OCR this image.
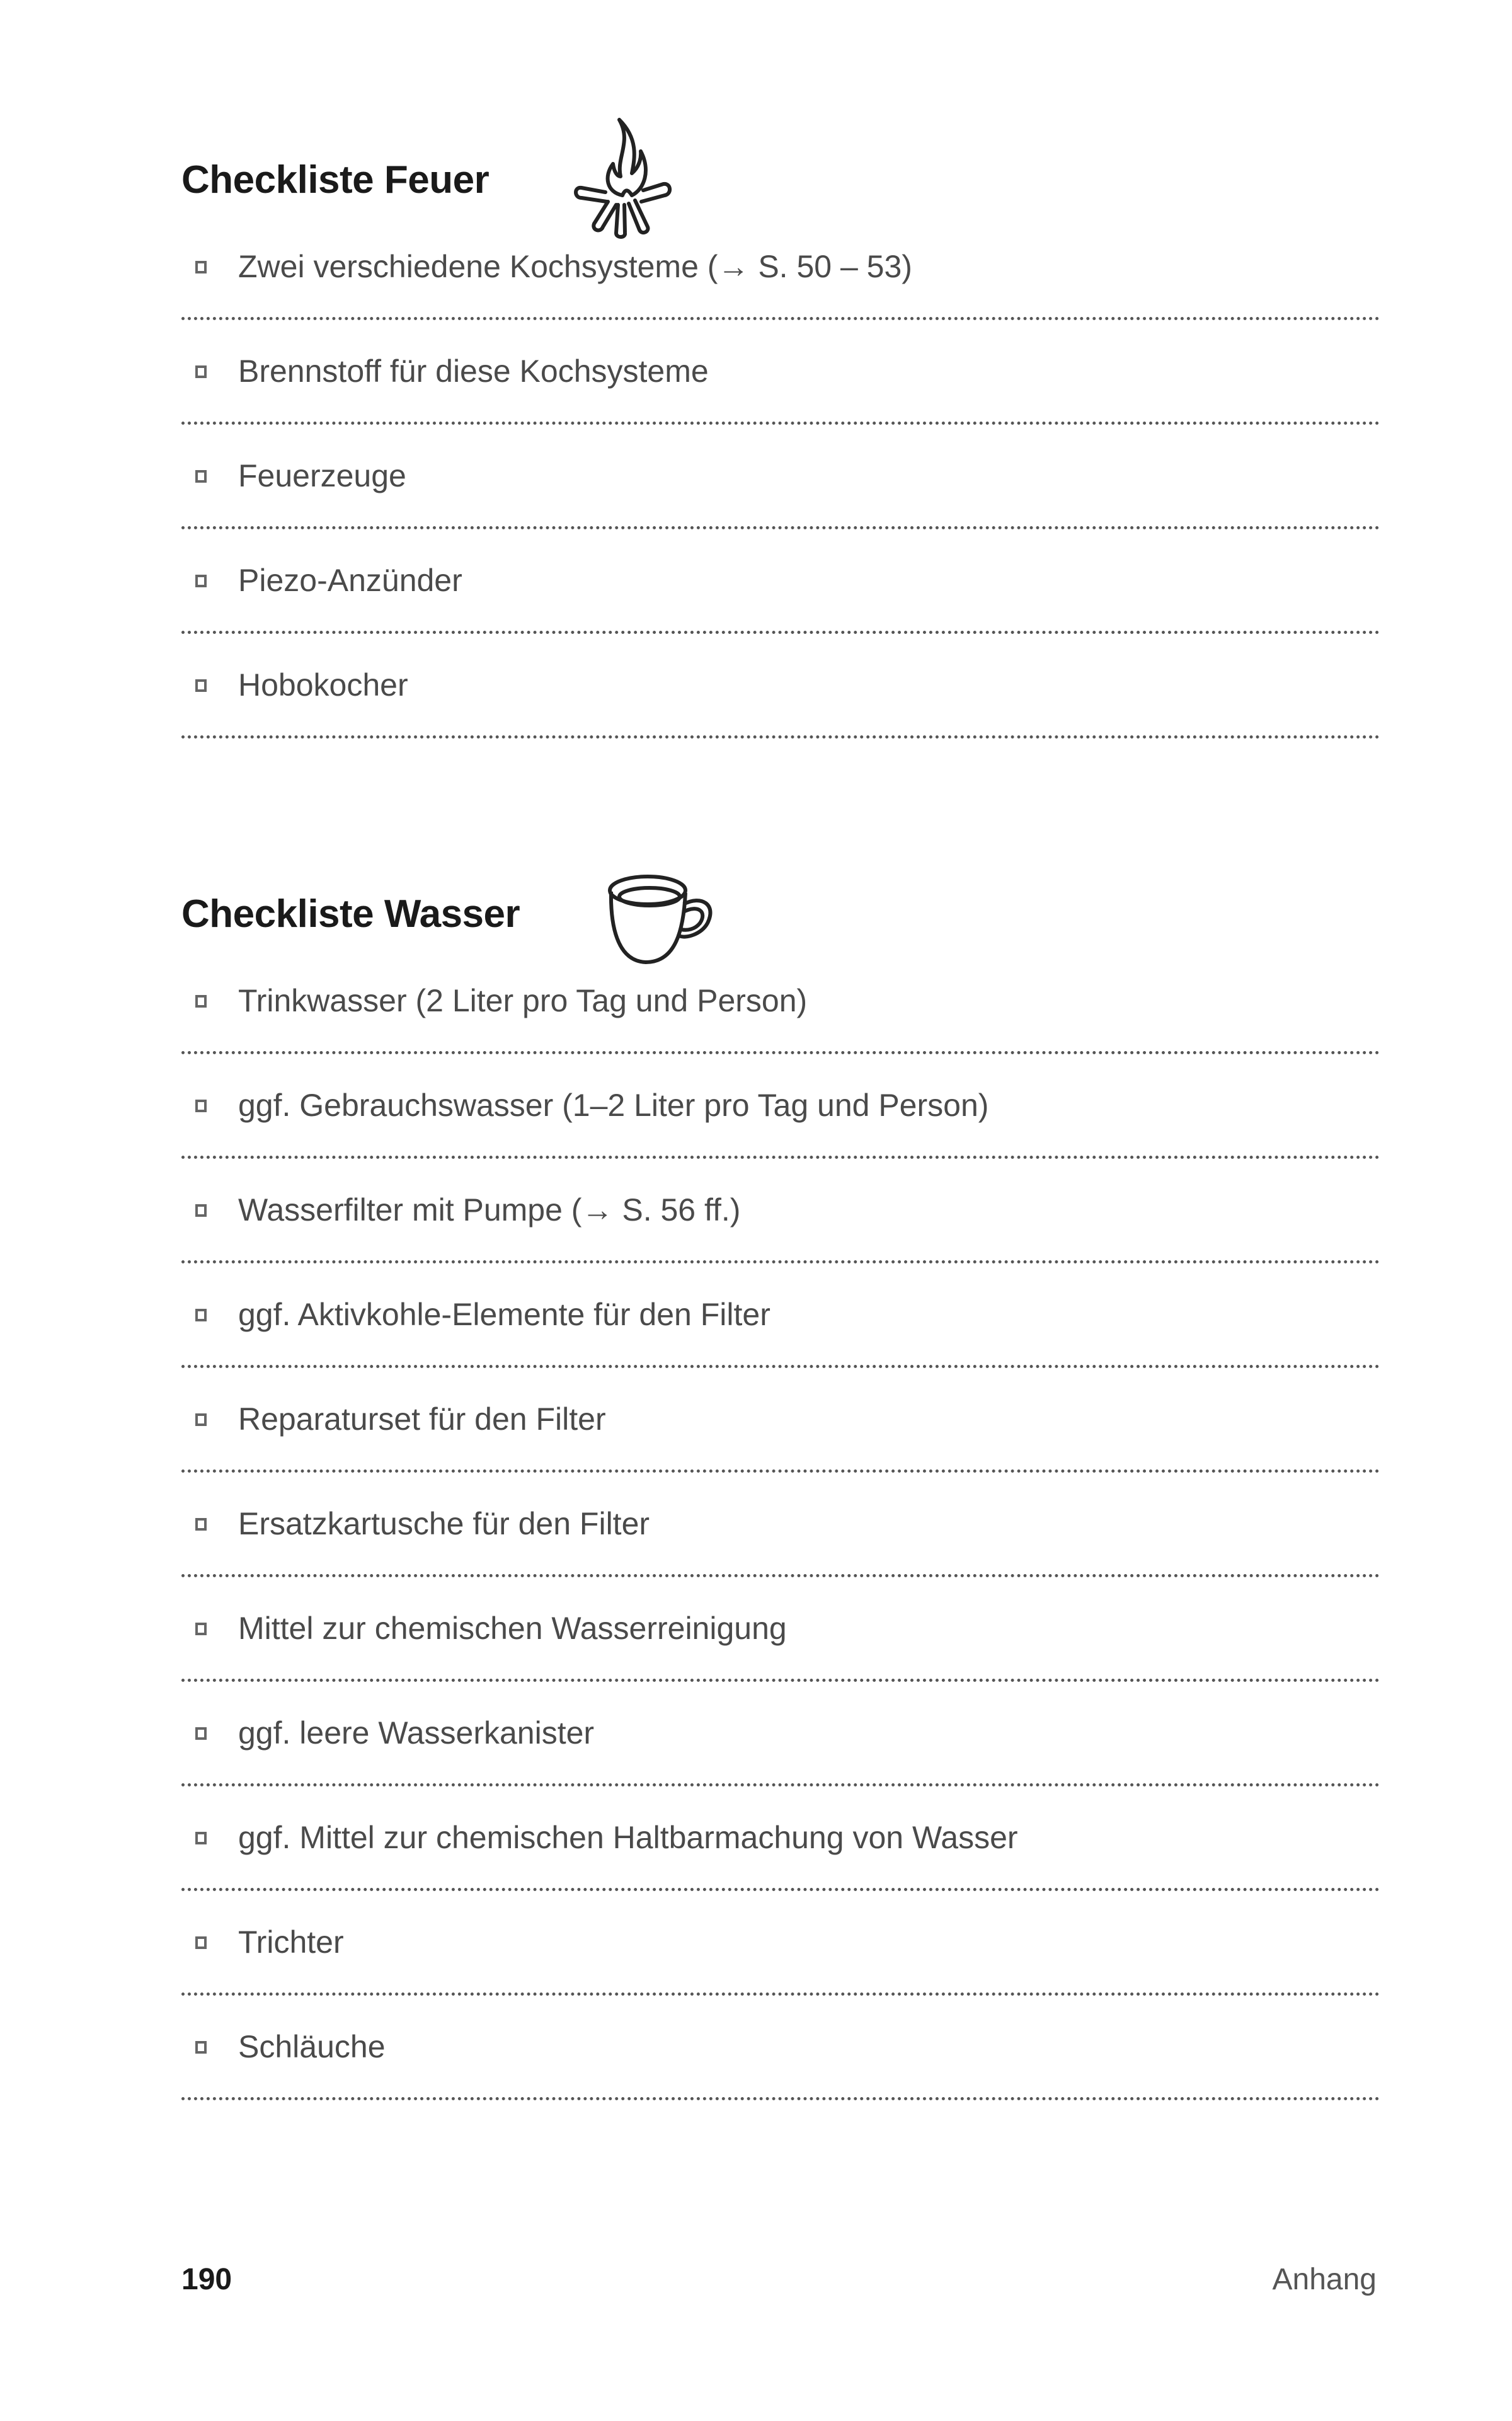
Checkliste Feuer
Zwei verschiedene Kochsysteme (→ S. 50 – 53)
Brennstoff für diese Kochsysteme
Feuerzeuge
Piezo-Anzünder
Hobokocher
Checkliste Wasser
Trinkwasser (2 Liter pro Tag und Person)
ggf. Gebrauchswasser (1–2 Liter pro Tag und Person)
Wasserfilter mit Pumpe (→ S. 56 ff.)
ggf. Aktivkohle-Elemente für den Filter
Reparaturset für den Filter
Ersatzkartusche für den Filter
Mittel zur chemischen Wasserreinigung
ggf. leere Wasserkanister
ggf. Mittel zur chemischen Haltbarmachung von Wasser
Trichter
Schläuche
190	Anhang
